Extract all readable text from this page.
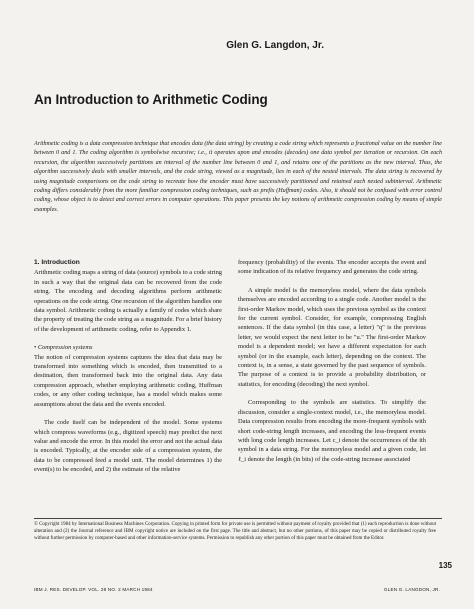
Glen G. Langdon, Jr.
An Introduction to Arithmetic Coding
Arithmetic coding is a data compression technique that encodes data (the data string) by creating a code string which represents a fractional value on the number line between 0 and 1. The coding algorithm is symbolwise recursive; i.e., it operates upon and encodes (decodes) one data symbol per iteration or recursion. On each recursion, the algorithm successively partitions an interval of the number line between 0 and 1, and retains one of the partitions as the new interval. Thus, the algorithm successively deals with smaller intervals, and the code string, viewed as a magnitude, lies in each of the nested intervals. The data string is recovered by using magnitude comparisons on the code string to recreate how the encoder must have successively partitioned and retained each nested subinterval. Arithmetic coding differs considerably from the more familiar compression coding techniques, such as prefix (Huffman) codes. Also, it should not be confused with error control coding, whose object is to detect and correct errors in computer operations. This paper presents the key notions of arithmetic compression coding by means of simple examples.
1. Introduction

Arithmetic coding maps a string of data (source) symbols to a code string in such a way that the original data can be recovered from the code string. The encoding and decoding algorithms perform arithmetic operations on the code string. One recursion of the algorithm handles one data symbol. Arithmetic coding is actually a family of codes which share the property of treating the code string as a magnitude. For a brief history of the development of arithmetic coding, refer to Appendix 1.

• Compression systems

The notion of compression systems captures the idea that data may be transformed into something which is encoded, then transmitted to a destination, then transformed back into the original data. Any data compression approach, whether employing arithmetic coding, Huffman codes, or any other coding technique, has a model which makes some assumptions about the data and the events encoded.

The code itself can be independent of the model. Some systems which compress waveforms (e.g., digitized speech) may predict the next value and encode the error. In this model the error and not the actual data is encoded. Typically, at the encoder side of a compression system, the data to be compressed feed a model unit. The model determines 1) the event(s) to be encoded, and 2) the estimate of the relative

frequency (probability) of the events. The encoder accepts the event and some indication of its relative frequency and generates the code string.

A simple model is the memoryless model, where the data symbols themselves are encoded according to a single code. Another model is the first-order Markov model, which uses the previous symbol as the context for the current symbol. Consider, for example, compressing English sentences. If the data symbol (in this case, a letter) "q" is the previous letter, we would expect the next letter to be "u." The first-order Markov model is a dependent model; we have a different expectation for each symbol (or in the example, each letter), depending on the context. The context is, in a sense, a state governed by the past sequence of symbols. The purpose of a context is to provide a probability distribution, or statistics, for encoding (decoding) the next symbol.

Corresponding to the symbols are statistics. To simplify the discussion, consider a single-context model, i.e., the memoryless model. Data compression results from encoding the more-frequent symbols with short code-string length increases, and encoding the less-frequent events with long code length increases. Let c_i denote the occurrences of the ith symbol in a data string. For the memoryless model and a given code, let ℓ_i denote the length (in bits) of the code-string increase associated

© Copyright 1984 by International Business Machines Corporation. Copying in printed form for private use is permitted without payment of royalty provided that (1) each reproduction is done without alteration and (2) the Journal reference and IBM copyright notice are included on the first page. The title and abstract, but no other portions, of this paper may be copied or distributed royalty free without further permission by computer-based and other information-service systems. Permission to republish any other portion of this paper must be obtained from the Editor.
135
IBM J. RES. DEVELOP. VOL. 28 NO. 2 MARCH 1984	GLEN G. LANGDON, JR.
